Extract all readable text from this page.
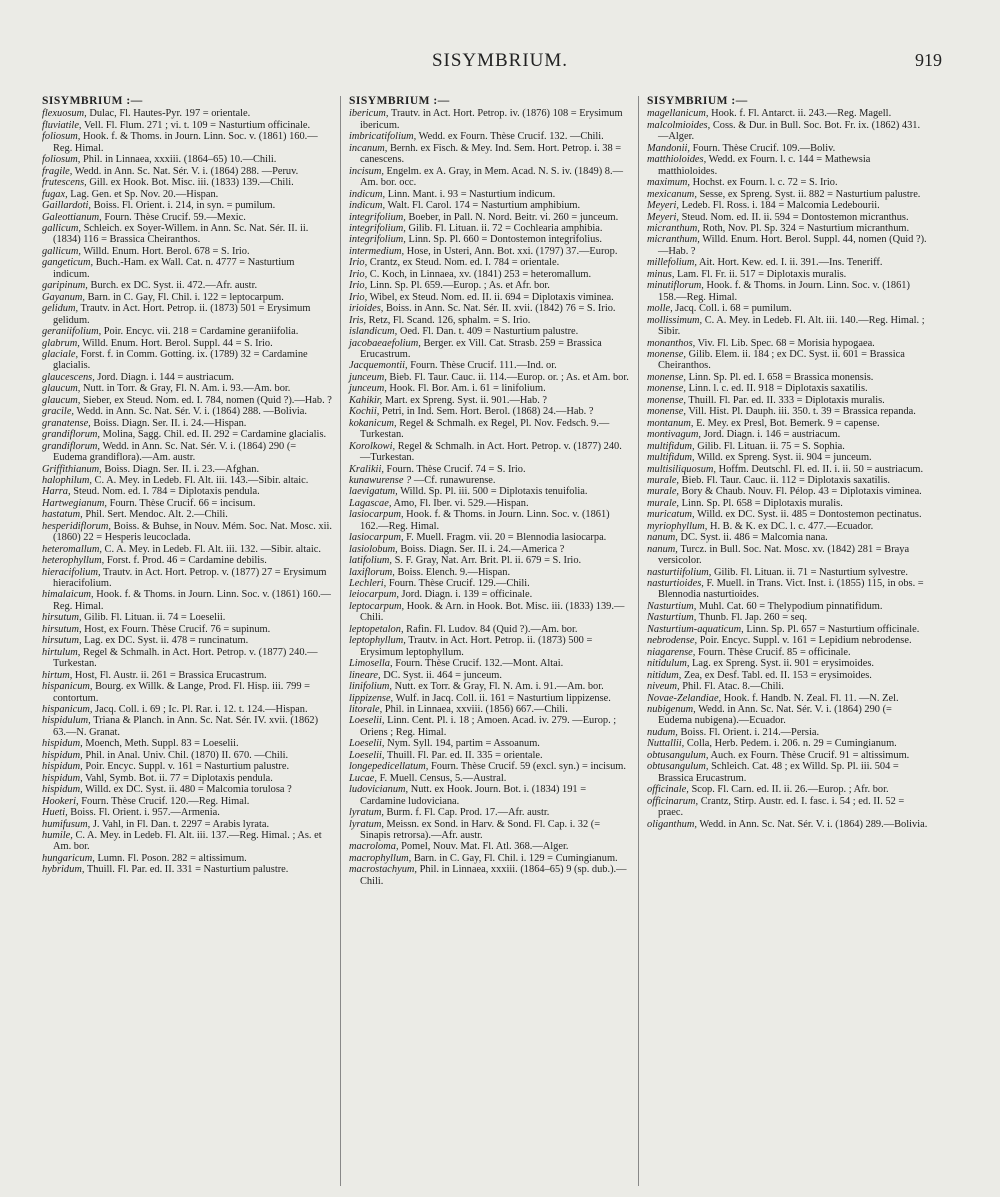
SISYMBRIUM.	919
SISYMBRIUM :—

flexuosum, Dulac, Fl. Hautes-Pyr. 197 = orientale.

fluviatile, Vell. Fl. Flum. 271 ; vi. t. 109 = Nasturtium officinale.

foliosum, Hook. f. & Thoms. in Journ. Linn. Soc. v. (1861) 160.—Reg. Himal.

foliosum, Phil. in Linnaea, xxxiii. (1864–65) 10.—Chili.

fragile, Wedd. in Ann. Sc. Nat. Sér. V. i. (1864) 288. —Peruv.

frutescens, Gill. ex Hook. Bot. Misc. iii. (1833) 139.—Chili.

fugax, Lag. Gen. et Sp. Nov. 20.—Hispan.

Gaillardoti, Boiss. Fl. Orient. i. 214, in syn. = pumilum.

Galeottianum, Fourn. Thèse Crucif. 59.—Mexic.

gallicum, Schleich. ex Soyer-Willem. in Ann. Sc. Nat. Sér. II. ii. (1834) 116 = Brassica Cheiranthos.

gallicum, Willd. Enum. Hort. Berol. 678 = S. Irio.

gangeticum, Buch.-Ham. ex Wall. Cat. n. 4777 = Nasturtium indicum.

garipinum, Burch. ex DC. Syst. ii. 472.—Afr. austr.

Gayanum, Barn. in C. Gay, Fl. Chil. i. 122 = leptocarpum.

gelidum, Trautv. in Act. Hort. Petrop. ii. (1873) 501 = Erysimum gelidum.

geraniifolium, Poir. Encyc. vii. 218 = Cardamine geraniifolia.

glabrum, Willd. Enum. Hort. Berol. Suppl. 44 = S. Irio.

glaciale, Forst. f. in Comm. Gotting. ix. (1789) 32 = Cardamine glacialis.

glaucescens, Jord. Diagn. i. 144 = austriacum.

glaucum, Nutt. in Torr. & Gray, Fl. N. Am. i. 93.—Am. bor.

glaucum, Sieber, ex Steud. Nom. ed. I. 784, nomen (Quid ?).—Hab. ?

gracile, Wedd. in Ann. Sc. Nat. Sér. V. i. (1864) 288. —Bolivia.

granatense, Boiss. Diagn. Ser. II. i. 24.—Hispan.

grandiflorum, Molina, Sagg. Chil. ed. II. 292 = Cardamine glacialis.

grandiflorum, Wedd. in Ann. Sc. Nat. Sér. V. i. (1864) 290 (= Eudema grandiflora).—Am. austr.

Griffithianum, Boiss. Diagn. Ser. II. i. 23.—Afghan.

halophilum, C. A. Mey. in Ledeb. Fl. Alt. iii. 143.—Sibir. altaic.

Harra, Steud. Nom. ed. I. 784 = Diplotaxis pendula.

Hartwegianum, Fourn. Thèse Crucif. 66 = incisum.

hastatum, Phil. Sert. Mendoc. Alt. 2.—Chili.

hesperidiflorum, Boiss. & Buhse, in Nouv. Mém. Soc. Nat. Mosc. xii. (1860) 22 = Hesperis leucoclada.

heteromallum, C. A. Mey. in Ledeb. Fl. Alt. iii. 132. —Sibir. altaic.

heterophyllum, Forst. f. Prod. 46 = Cardamine debilis.

hieracifolium, Trautv. in Act. Hort. Petrop. v. (1877) 27 = Erysimum hieracifolium.

himalaicum, Hook. f. & Thoms. in Journ. Linn. Soc. v. (1861) 160.—Reg. Himal.

hirsutum, Gilib. Fl. Lituan. ii. 74 = Loeselii.

hirsutum, Host, ex Fourn. Thèse Crucif. 76 = supinum.

hirsutum, Lag. ex DC. Syst. ii. 478 = runcinatum.

hirtulum, Regel & Schmalh. in Act. Hort. Petrop. v. (1877) 240.—Turkestan.

hirtum, Host, Fl. Austr. ii. 261 = Brassica Erucastrum.

hispanicum, Bourg. ex Willk. & Lange, Prod. Fl. Hisp. iii. 799 = contortum.

hispanicum, Jacq. Coll. i. 69 ; Ic. Pl. Rar. i. 12. t. 124.—Hispan.

hispidulum, Triana & Planch. in Ann. Sc. Nat. Sér. IV. xvii. (1862) 63.—N. Granat.

hispidum, Moench, Meth. Suppl. 83 = Loeselii.

hispidum, Phil. in Anal. Univ. Chil. (1870) II. 670. —Chili.

hispidum, Poir. Encyc. Suppl. v. 161 = Nasturtium palustre.

hispidum, Vahl, Symb. Bot. ii. 77 = Diplotaxis pendula.

hispidum, Willd. ex DC. Syst. ii. 480 = Malcomia torulosa ?

Hookeri, Fourn. Thèse Crucif. 120.—Reg. Himal.

Hueti, Boiss. Fl. Orient. i. 957.—Armenia.

humifusum, J. Vahl, in Fl. Dan. t. 2297 = Arabis lyrata.

humile, C. A. Mey. in Ledeb. Fl. Alt. iii. 137.—Reg. Himal. ; As. et Am. bor.

hungaricum, Lumn. Fl. Poson. 282 = altissimum.

hybridum, Thuill. Fl. Par. ed. II. 331 = Nasturtium palustre.

SISYMBRIUM :—

ibericum, Trautv. in Act. Hort. Petrop. iv. (1876) 108 = Erysimum ibericum.

imbricatifolium, Wedd. ex Fourn. Thèse Crucif. 132. —Chili.

incanum, Bernh. ex Fisch. & Mey. Ind. Sem. Hort. Petrop. i. 38 = canescens.

incisum, Engelm. ex A. Gray, in Mem. Acad. N. S. iv. (1849) 8.—Am. bor. occ.

indicum, Linn. Mant. i. 93 = Nasturtium indicum.

indicum, Walt. Fl. Carol. 174 = Nasturtium amphibium.

integrifolium, Boeber, in Pall. N. Nord. Beitr. vi. 260 = junceum.

integrifolium, Gilib. Fl. Lituan. ii. 72 = Cochlearia amphibia.

integrifolium, Linn. Sp. Pl. 660 = Dontostemon integrifolius.

intermedium, Hose, in Usteri, Ann. Bot. xxi. (1797) 37.—Europ.

Irio, Crantz, ex Steud. Nom. ed. I. 784 = orientale.

Irio, C. Koch, in Linnaea, xv. (1841) 253 = heteromallum.

Irio, Linn. Sp. Pl. 659.—Europ. ; As. et Afr. bor.

Irio, Wibel, ex Steud. Nom. ed. II. ii. 694 = Diplotaxis viminea.

irioides, Boiss. in Ann. Sc. Nat. Sér. II. xvii. (1842) 76 = S. Irio.

Iris, Retz, Fl. Scand. 126, sphalm. = S. Irio.

islandicum, Oed. Fl. Dan. t. 409 = Nasturtium palustre.

jacobaeaefolium, Berger. ex Vill. Cat. Strasb. 259 = Brassica Erucastrum.

Jacquemontii, Fourn. Thèse Crucif. 111.—Ind. or.

junceum, Bieb. Fl. Taur. Cauc. ii. 114.—Europ. or. ; As. et Am. bor.

junceum, Hook. Fl. Bor. Am. i. 61 = linifolium.

Kahikir, Mart. ex Spreng. Syst. ii. 901.—Hab. ?

Kochii, Petri, in Ind. Sem. Hort. Berol. (1868) 24.—Hab. ?

kokanicum, Regel & Schmalh. ex Regel, Pl. Nov. Fedsch. 9.—Turkestan.

Korolkowi, Regel & Schmalh. in Act. Hort. Petrop. v. (1877) 240.—Turkestan.

Kralikii, Fourn. Thèse Crucif. 74 = S. Irio.

kunawurense ? —Cf. runawurense.

laevigatum, Willd. Sp. Pl. iii. 500 = Diplotaxis tenuifolia.

Lagascae, Amo, Fl. Iber. vi. 529.—Hispan.

lasiocarpum, Hook. f. & Thoms. in Journ. Linn. Soc. v. (1861) 162.—Reg. Himal.

lasiocarpum, F. Muell. Fragm. vii. 20 = Blennodia lasiocarpa.

lasiolobum, Boiss. Diagn. Ser. II. i. 24.—America ?

latifolium, S. F. Gray, Nat. Arr. Brit. Pl. ii. 679 = S. Irio.

laxiflorum, Boiss. Elench. 9.—Hispan.

Lechleri, Fourn. Thèse Crucif. 129.—Chili.

leiocarpum, Jord. Diagn. i. 139 = officinale.

leptocarpum, Hook. & Arn. in Hook. Bot. Misc. iii. (1833) 139.—Chili.

leptopetalon, Rafin. Fl. Ludov. 84 (Quid ?).—Am. bor.

leptophyllum, Trautv. in Act. Hort. Petrop. ii. (1873) 500 = Erysimum leptophyllum.

Limosella, Fourn. Thèse Crucif. 132.—Mont. Altai.

lineare, DC. Syst. ii. 464 = junceum.

linifolium, Nutt. ex Torr. & Gray, Fl. N. Am. i. 91.—Am. bor.

lippizense, Wulf. in Jacq. Coll. ii. 161 = Nasturtium lippizense.

litorale, Phil. in Linnaea, xxviii. (1856) 667.—Chili.

Loeselii, Linn. Cent. Pl. i. 18 ; Amoen. Acad. iv. 279. —Europ. ; Oriens ; Reg. Himal.

Loeselii, Nym. Syll. 194, partim = Assoanum.

Loeselii, Thuill. Fl. Par. ed. II. 335 = orientale.

longepedicellatum, Fourn. Thèse Crucif. 59 (excl. syn.) = incisum.

Lucae, F. Muell. Census, 5.—Austral.

ludovicianum, Nutt. ex Hook. Journ. Bot. i. (1834) 191 = Cardamine ludoviciana.

lyratum, Burm. f. Fl. Cap. Prod. 17.—Afr. austr.

lyratum, Meissn. ex Sond. in Harv. & Sond. Fl. Cap. i. 32 (= Sinapis retrorsa).—Afr. austr.

macroloma, Pomel, Nouv. Mat. Fl. Atl. 368.—Alger.

macrophyllum, Barn. in C. Gay, Fl. Chil. i. 129 = Cumingianum.

macrostachyum, Phil. in Linnaea, xxxiii. (1864–65) 9 (sp. dub.).—Chili.

SISYMBRIUM :—

magellanicum, Hook. f. Fl. Antarct. ii. 243.—Reg. Magell.

malcolmioides, Coss. & Dur. in Bull. Soc. Bot. Fr. ix. (1862) 431.—Alger.

Mandonii, Fourn. Thèse Crucif. 109.—Boliv.

matthioloides, Wedd. ex Fourn. l. c. 144 = Mathewsia matthioloides.

maximum, Hochst. ex Fourn. l. c. 72 = S. Irio.

mexicanum, Sesse, ex Spreng. Syst. ii. 882 = Nasturtium palustre.

Meyeri, Ledeb. Fl. Ross. i. 184 = Malcomia Ledebourii.

Meyeri, Steud. Nom. ed. II. ii. 594 = Dontostemon micranthus.

micranthum, Roth, Nov. Pl. Sp. 324 = Nasturtium micranthum.

micranthum, Willd. Enum. Hort. Berol. Suppl. 44, nomen (Quid ?).—Hab. ?

millefolium, Ait. Hort. Kew. ed. I. ii. 391.—Ins. Teneriff.

minus, Lam. Fl. Fr. ii. 517 = Diplotaxis muralis.

minutiflorum, Hook. f. & Thoms. in Journ. Linn. Soc. v. (1861) 158.—Reg. Himal.

molle, Jacq. Coll. i. 68 = pumilum.

mollissimum, C. A. Mey. in Ledeb. Fl. Alt. iii. 140.—Reg. Himal. ; Sibir.

monanthos, Viv. Fl. Lib. Spec. 68 = Morisia hypogaea.

monense, Gilib. Elem. ii. 184 ; ex DC. Syst. ii. 601 = Brassica Cheiranthos.

monense, Linn. Sp. Pl. ed. I. 658 = Brassica monensis.

monense, Linn. l. c. ed. II. 918 = Diplotaxis saxatilis.

monense, Thuill. Fl. Par. ed. II. 333 = Diplotaxis muralis.

monense, Vill. Hist. Pl. Dauph. iii. 350. t. 39 = Brassica repanda.

montanum, E. Mey. ex Presl, Bot. Bemerk. 9 = capense.

montivagum, Jord. Diagn. i. 146 = austriacum.

multifidum, Gilib. Fl. Lituan. ii. 75 = S. Sophia.

multifidum, Willd. ex Spreng. Syst. ii. 904 = junceum.

multisiliquosum, Hoffm. Deutschl. Fl. ed. II. i. ii. 50 = austriacum.

murale, Bieb. Fl. Taur. Cauc. ii. 112 = Diplotaxis saxatilis.

murale, Bory & Chaub. Nouv. Fl. Pélop. 43 = Diplotaxis viminea.

murale, Linn. Sp. Pl. 658 = Diplotaxis muralis.

muricatum, Willd. ex DC. Syst. ii. 485 = Dontostemon pectinatus.

myriophyllum, H. B. & K. ex DC. l. c. 477.—Ecuador.

nanum, DC. Syst. ii. 486 = Malcomia nana.

nanum, Turcz. in Bull. Soc. Nat. Mosc. xv. (1842) 281 = Braya versicolor.

nasturtiifolium, Gilib. Fl. Lituan. ii. 71 = Nasturtium sylvestre.

nasturtioides, F. Muell. in Trans. Vict. Inst. i. (1855) 115, in obs. = Blennodia nasturtioides.

Nasturtium, Muhl. Cat. 60 = Thelypodium pinnatifidum.

Nasturtium, Thunb. Fl. Jap. 260 = seq.

Nasturtium-aquaticum, Linn. Sp. Pl. 657 = Nasturtium officinale.

nebrodense, Poir. Encyc. Suppl. v. 161 = Lepidium nebrodense.

niagarense, Fourn. Thèse Crucif. 85 = officinale.

nitidulum, Lag. ex Spreng. Syst. ii. 901 = erysimoides.

nitidum, Zea, ex Desf. Tabl. ed. II. 153 = erysimoides.

niveum, Phil. Fl. Atac. 8.—Chili.

Novae-Zelandiae, Hook. f. Handb. N. Zeal. Fl. 11. —N. Zel.

nubigenum, Wedd. in Ann. Sc. Nat. Sér. V. i. (1864) 290 (= Eudema nubigena).—Ecuador.

nudum, Boiss. Fl. Orient. i. 214.—Persia.

Nuttallii, Colla, Herb. Pedem. i. 206. n. 29 = Cumingianum.

obtusangulum, Auch. ex Fourn. Thèse Crucif. 91 = altissimum.

obtusangulum, Schleich. Cat. 48 ; ex Willd. Sp. Pl. iii. 504 = Brassica Erucastrum.

officinale, Scop. Fl. Carn. ed. II. ii. 26.—Europ. ; Afr. bor.

officinarum, Crantz, Stirp. Austr. ed. I. fasc. i. 54 ; ed. II. 52 = praec.

oliganthum, Wedd. in Ann. Sc. Nat. Sér. V. i. (1864) 289.—Bolivia.
